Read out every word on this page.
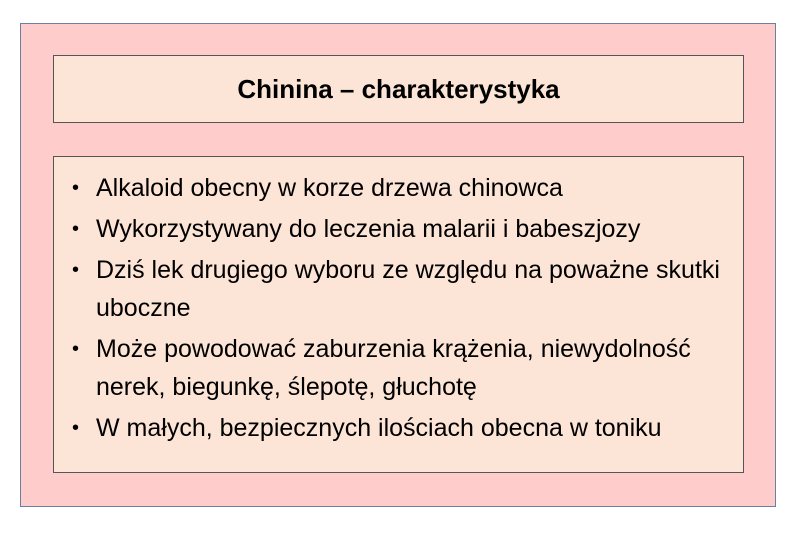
Chinina – charakterystyka
• Alkaloid obecny w korze drzewa chinowca
• Wykorzystywany do leczenia malarii i babeszjozy
• Dziś lek drugiego wyboru ze względu na poważne skutki uboczne
• Może powodować zaburzenia krążenia, niewydolność nerek, biegunkę, ślepotę, głuchotę
• W małych, bezpiecznych ilościach obecna w toniku
